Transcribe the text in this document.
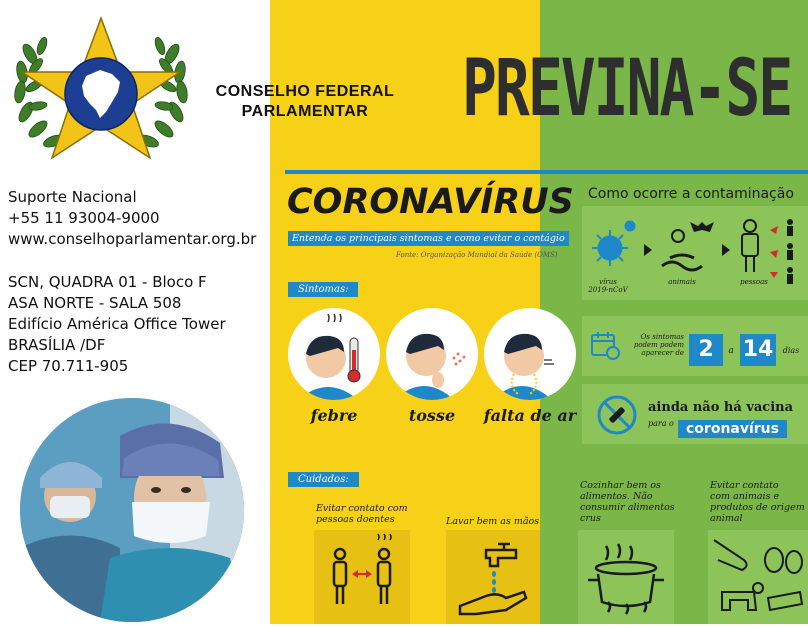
CONSELHO FEDERAL
PARLAMENTAR
Suporte Nacional
+55 11 93004-9000
www.conselhoparlamentar.org.br
SCN, QUADRA 01 - Bloco F
ASA NORTE - SALA 508
Edifício América Office Tower
BRASÍLIA /DF
CEP 70.711-905
PREVINA-SE
CORONAVÍRUS
Entenda os principais sintomas e como evitar o contágio
Fonte: Organização Mundial da Saúde (OMS)
Sintomas:
febre	tosse	falta de ar
Como ocorre a contaminação
vírus
2019-nCoV
animais	pessoas
Os sintomas
podem podem
aparecer de 2	a 14	dias
ainda não há vacina
para o coronavírus
Cuidados:
Evitar contato com
pessoas doentes	Lavar bem as mãos
Cozinhar bem os
alimentos. Não
consumir alimentos
crus
Evitar contato
com animais e
produtos de origem
animal
